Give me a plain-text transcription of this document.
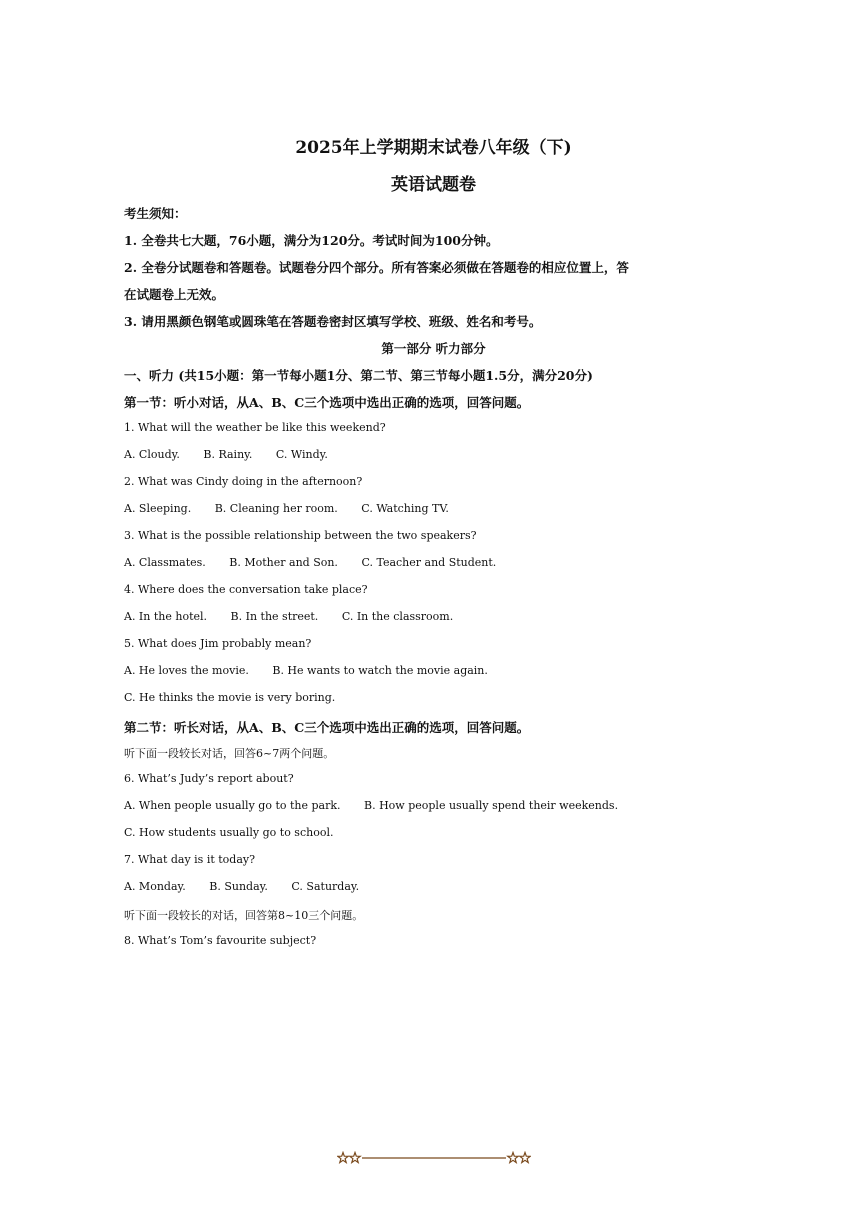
2025年上学期期末试卷八年级（下)
英语试题卷
考生须知：
1. 全卷共七大题，76小题，满分为120分。考试时间为100分钟。
2. 全卷分试题卷和答题卷。试题卷分四个部分。所有答案必须做在答题卷的相应位置上，答
在试题卷上无效。
3. 请用黑颜色钢笔或圆珠笔在答题卷密封区填写学校、班级、姓名和考号。
第一部分 听力部分
一、听力 (共15小题：第一节每小题1分、第二节、第三节每小题1.5分，满分20分)
第一节：听小对话，从A、B、C三个选项中选出正确的选项，回答问题。
1. What will the weather be like this weekend?
A. Cloudy. B. Rainy. C. Windy.
2. What was Cindy doing in the afternoon?
A. Sleeping. B. Cleaning her room. C. Watching TV.
3. What is the possible relationship between the two speakers?
A. Classmates. B. Mother and Son. C. Teacher and Student.
4. Where does the conversation take place?
A. In the hotel. B. In the street. C. In the classroom.
5. What does Jim probably mean?
A. He loves the movie. B. He wants to watch the movie again.
C. He thinks the movie is very boring.
第二节：听长对话，从A、B、C三个选项中选出正确的选项，回答问题。
听下面一段较长对话，回答6~7两个问题。
6. What’s Judy’s report about?
A. When people usually go to the park. B. How people usually spend their weekends.
C. How students usually go to school.
7. What day is it today?
A. Monday. B. Sunday. C. Saturday.
听下面一段较长的对话，回答第8~10三个问题。
8. What’s Tom’s favourite subject?
